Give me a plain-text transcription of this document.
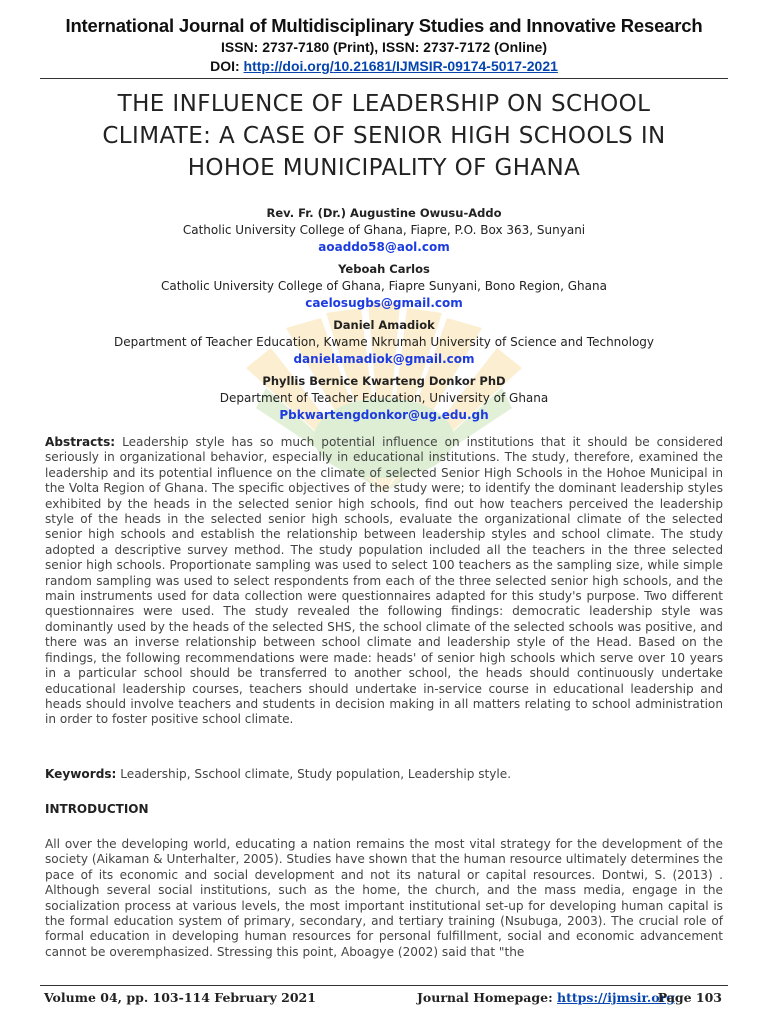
International Journal of Multidisciplinary Studies and Innovative Research
ISSN: 2737-7180 (Print), ISSN: 2737-7172 (Online)
DOI: http://doi.org/10.21681/IJMSIR-09174-5017-2021
THE INFLUENCE OF LEADERSHIP ON SCHOOL
CLIMATE: A CASE OF SENIOR HIGH SCHOOLS IN
HOHOE MUNICIPALITY OF GHANA
Rev. Fr. (Dr.) Augustine Owusu-Addo
Catholic University College of Ghana, Fiapre, P.O. Box 363, Sunyani
aoaddo58@aol.com
Yeboah Carlos
Catholic University College of Ghana, Fiapre Sunyani, Bono Region, Ghana
caelosugbs@gmail.com
Daniel Amadiok
Department of Teacher Education, Kwame Nkrumah University of Science and Technology
danielamadiok@gmail.com
Phyllis Bernice Kwarteng Donkor PhD
Department of Teacher Education, University of Ghana
Pbkwartengdonkor@ug.edu.gh
Abstracts: Leadership style has so much potential influence on institutions that it should be considered seriously in organizational behavior, especially in educational institutions. The study, therefore, examined the leadership and its potential influence on the climate of selected Senior High Schools in the Hohoe Municipal in the Volta Region of Ghana. The specific objectives of the study were; to identify the dominant leadership styles exhibited by the heads in the selected senior high schools, find out how teachers perceived the leadership style of the heads in the selected senior high schools, evaluate the organizational climate of the selected senior high schools and establish the relationship between leadership styles and school climate. The study adopted a descriptive survey method. The study population included all the teachers in the three selected senior high schools. Proportionate sampling was used to select 100 teachers as the sampling size, while simple random sampling was used to select respondents from each of the three selected senior high schools, and the main instruments used for data collection were questionnaires adapted for this study's purpose. Two different questionnaires were used. The study revealed the following findings: democratic leadership style was dominantly used by the heads of the selected SHS, the school climate of the selected schools was positive, and there was an inverse relationship between school climate and leadership style of the Head. Based on the findings, the following recommendations were made: heads' of senior high schools which serve over 10 years in a particular school should be transferred to another school, the heads should continuously undertake educational leadership courses, teachers should undertake in-service course in educational leadership and heads should involve teachers and students in decision making in all matters relating to school administration in order to foster positive school climate.
Keywords: Leadership, Sschool climate, Study population, Leadership style.
INTRODUCTION
All over the developing world, educating a nation remains the most vital strategy for the development of the society (Aikaman & Unterhalter, 2005). Studies have shown that the human resource ultimately determines the pace of its economic and social development and not its natural or capital resources. Dontwi, S. (2013) . Although several social institutions, such as the home, the church, and the mass media, engage in the socialization process at various levels, the most important institutional set-up for developing human capital is the formal education system of primary, secondary, and tertiary training (Nsubuga, 2003). The crucial role of formal education in developing human resources for personal fulfillment, social and economic advancement cannot be overemphasized. Stressing this point, Aboagye (2002) said that "the
Volume 04, pp. 103-114 February 2021	Journal Homepage: https://ijmsir.org
Page 103
